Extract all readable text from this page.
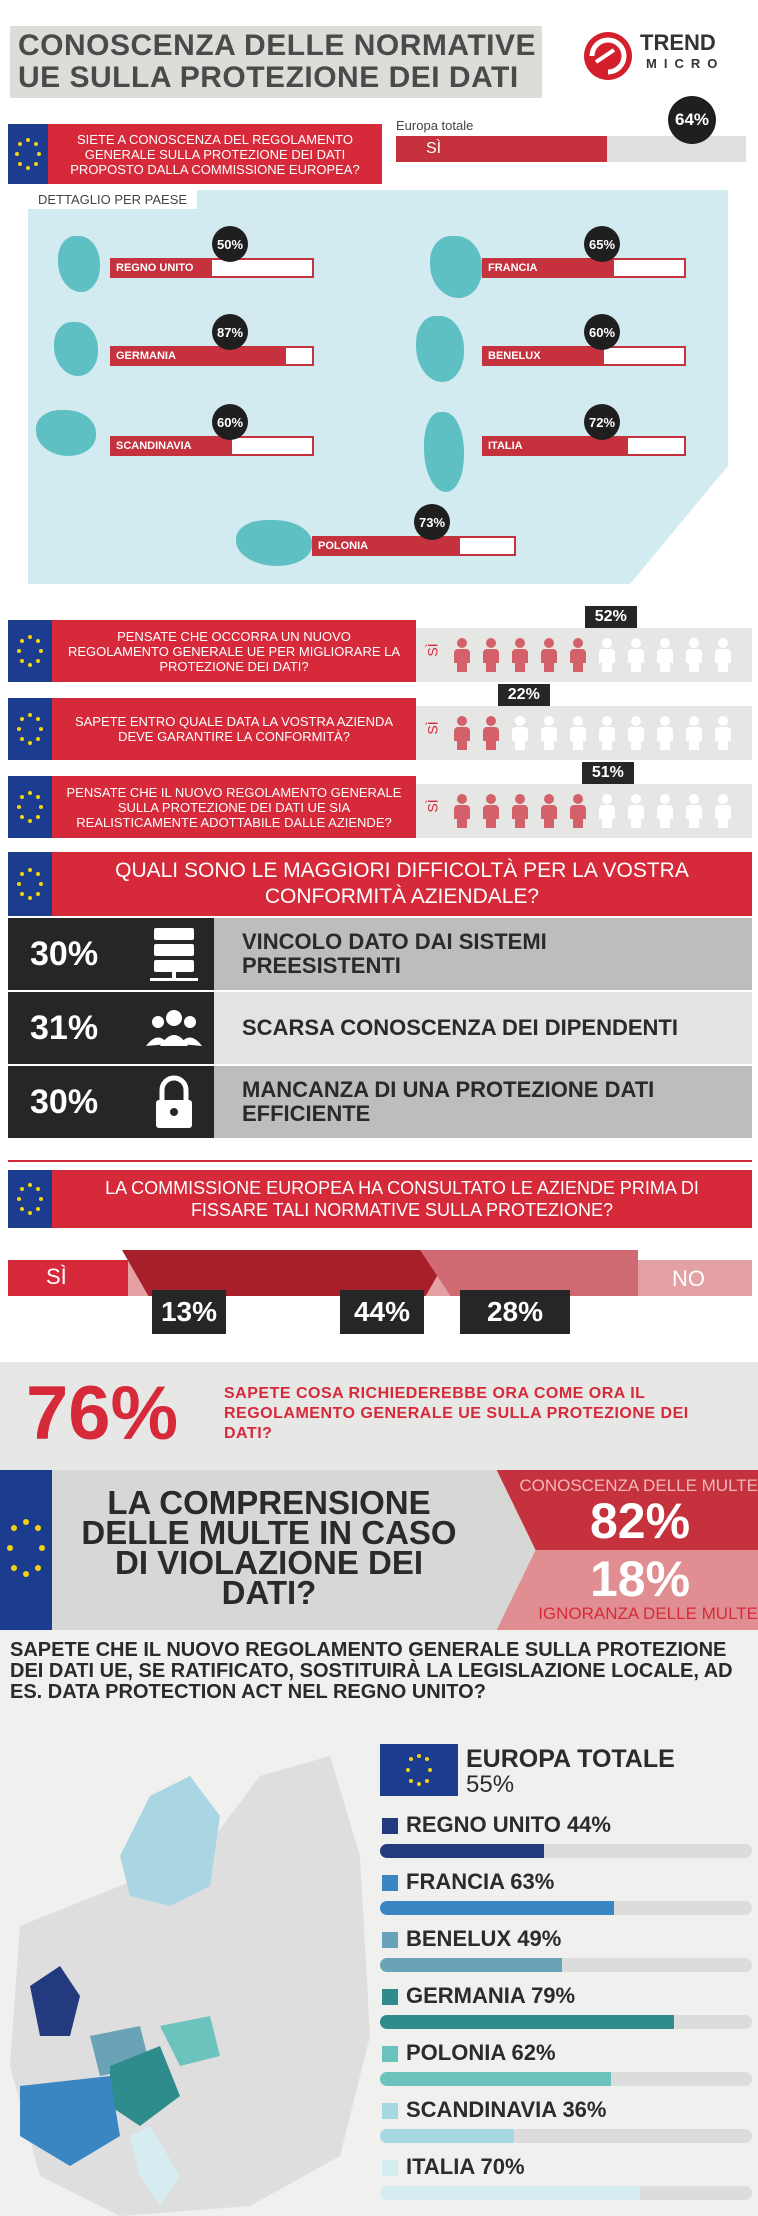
CONOSCENZA DELLE NORMATIVE UE SULLA PROTEZIONE DEI DATI
TREND
MICRO
SIETE A CONOSCENZA DEL REGOLAMENTO GENERALE SULLA PROTEZIONE DEI DATI PROPOSTO DALLA COMMISSIONE EUROPEA?
Europa totale
SÌ
64%
DETTAGLIO PER PAESE
REGNO UNITO
50%
FRANCIA
65%
GERMANIA
87%
BENELUX
60%
SCANDINAVIA
60%
ITALIA
72%
POLONIA
73%
PENSATE CHE OCCORRA UN NUOVO REGOLAMENTO GENERALE UE PER MIGLIORARE LA PROTEZIONE DEI DATI?
SÌ
52%
SAPETE ENTRO QUALE DATA LA VOSTRA AZIENDA DEVE GARANTIRE LA CONFORMITÀ?
SÌ
22%
PENSATE CHE IL NUOVO REGOLAMENTO GENERALE SULLA PROTEZIONE DEI DATI UE SIA REALISTICAMENTE ADOTTABILE DALLE AZIENDE?
SÌ
51%
QUALI SONO LE MAGGIORI DIFFICOLTÀ PER LA VOSTRA CONFORMITÀ AZIENDALE?
30%	VINCOLO DATO DAI SISTEMI PREESISTENTI
31%	SCARSA CONOSCENZA DEI DIPENDENTI
30%	MANCANZA DI UNA PROTEZIONE DATI EFFICIENTE
LA COMMISSIONE EUROPEA HA CONSULTATO LE AZIENDE PRIMA DI FISSARE TALI NORMATIVE SULLA PROTEZIONE?
SÌ	NO
13%	44%	28%
76%	SAPETE COSA RICHIEDEREBBE ORA COME ORA IL REGOLAMENTO GENERALE UE SULLA PROTEZIONE DEI DATI?
LA COMPRENSIONE DELLE MULTE IN CASO DI VIOLAZIONE DEI DATI?
CONOSCENZA DELLE MULTE
82%
18%
IGNORANZA DELLE MULTE
SAPETE CHE IL NUOVO REGOLAMENTO GENERALE SULLA PROTEZIONE DEI DATI UE, SE RATIFICATO, SOSTITUIRÀ LA LEGISLAZIONE LOCALE, AD ES. DATA PROTECTION ACT NEL REGNO UNITO?
EUROPA TOTALE
55%
REGNO UNITO 44%
FRANCIA 63%
BENELUX 49%
GERMANIA 79%
POLONIA 62%
SCANDINAVIA 36%
ITALIA 70%
